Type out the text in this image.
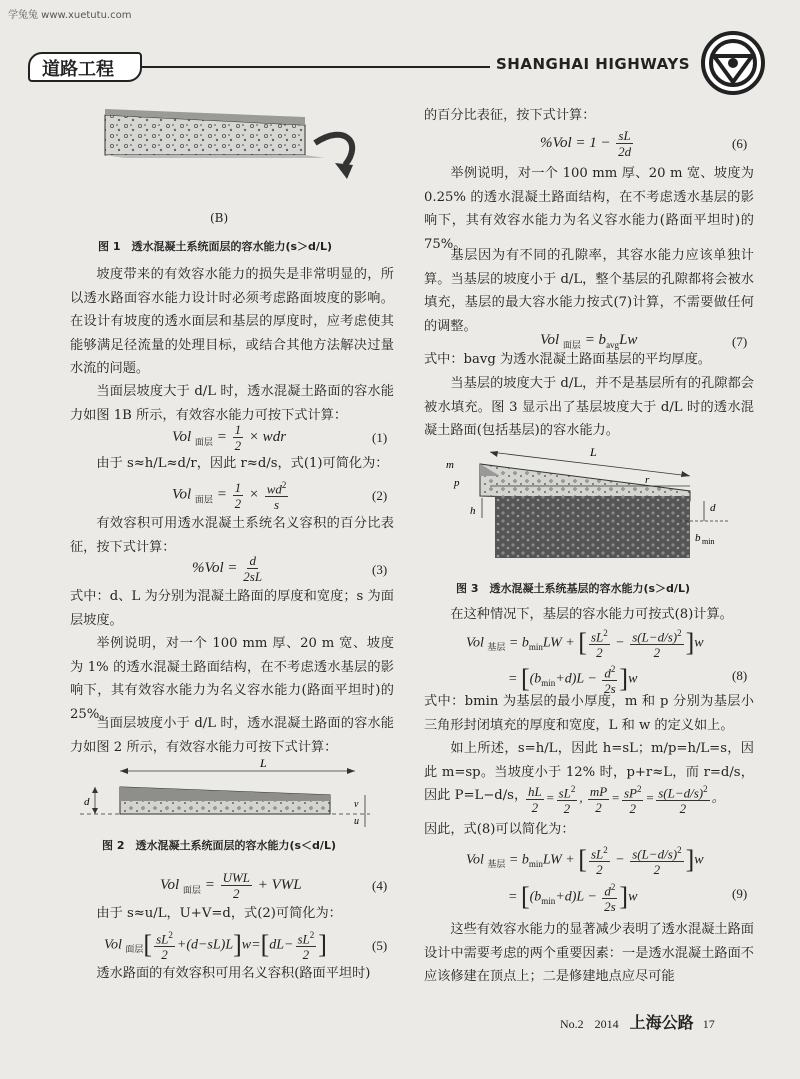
学兔兔 www.xuetutu.com
道路工程	SHANGHAI HIGHWAYS
(B)
图 1　透水混凝土系统面层的容水能力(s＞d/L)
坡度带来的有效容水能力的损失是非常明显的，所以透水路面容水能力设计时必须考虑路面坡度的影响。在设计有坡度的透水面层和基层的厚度时，应考虑使其能够满足径流量的处理目标，或结合其他方法解决过量水流的问题。
当面层坡度大于 d/L 时，透水混凝土路面的容水能力如图 1B 所示，有效容水能力可按下式计算：
Vol $_{面层} = \frac{1}{2}$ × wdr	(1)
由于 s≈h/L≈d/r，因此 r≈d/s，式(1)可简化为：
Vol $_{面层} = \frac{1}{2} \times \frac{wd^2}{s}$	(2)
有效容积可用透水混凝土系统名义容积的百分比表征，按下式计算：
$\%Vol = \frac{d}{2sL}$	(3)
式中：d、L 为分别为混凝土路面的厚度和宽度；s 为面层坡度。
举例说明，对一个 100 mm 厚、20 m 宽、坡度为 1% 的透水混凝土路面结构，在不考虑透水基层的影响下，其有效容水能力为名义容水能力(路面平坦时)的 25%。
当面层坡度小于 d/L 时，透水混凝土路面的容水能力如图 2 所示，有效容水能力可按下式计算：
L
d	v
u
图 2　透水混凝土系统面层的容水能力(s＜d/L)
Vol $_{面层} = \frac{\text{UWL}}{2}$ + VWL	(4)
由于 s≈u/L，U+V=d，式(2)可简化为：
Vol $_{面层}[ \frac{sL^2}{2} +(d-sL)L]w=[dL- \frac{sL^2}{2}$ ]	(5)
透水路面的有效容积可用名义容积(路面平坦时)
的百分比表征，按下式计算：
$\%Vol = 1 - \frac{sL}{2d}$	(6)
举例说明，对一个 100 mm 厚、20 m 宽、坡度为 0.25% 的透水混凝土路面结构，在不考虑透水基层的影响下，其有效容水能力为名义容水能力(路面平坦时)的 75%。
基层因为有不同的孔隙率，其容水能力应该单独计算。当基层的坡度小于 d/L，整个基层的孔隙都将会被水填充，基层的最大容水能力按式(7)计算，不需要做任何的调整。
Vol $_{面层} = b_{avg}Lw$	(7)
式中：bavg 为透水混凝土路面基层的平均厚度。
当基层的坡度大于 d/L，并不是基层所有的孔隙都会被水填充。图 3 显示出了基层坡度大于 d/L 时的透水混凝土路面(包括基层)的容水能力。
L
m
p	r
h	d
b min
图 3　透水混凝土系统基层的容水能力(s＞d/L)
在这种情况下，基层的容水能力可按式(8)计算。
Vol $_{基层} = b_{min}LW$ + [ $\frac{sL^2}{2} - \frac{s(L-d/s)^2}{2} ]w$
= $[(b_{min}+d)L - \frac{d^2}{2s} ]w$	(8)
式中：bmin 为基层的最小厚度，m 和 p 分别为基层小三角形封闭填充的厚度和宽度，L 和 w 的定义如上。
如上所述，s=h/L，因此 h=sL；m/p=h/L=s，因此 m=sp。当坡度小于 12% 时，p+r≈L，而 r=d/s，因此 P=L−d/s，
$\frac{hL}{2} = \frac{sL^2}{2}$ , $\frac{mP}{2} = \frac{sP^2}{2} = \frac{s(L-d/s)^2}{2}$ 。
因此，式(8)可以简化为：
Vol $_{基层} = b_{min}LW$ + [ $\frac{sL^2}{2} - \frac{s(L-d/s)^2}{2} ]w$
= $[(b_{min}+d)L - \frac{d^2}{2s} ]w$	(9)
这些有效容水能力的显著减少表明了透水混凝土路面设计中需要考虑的两个重要因素：一是透水混凝土路面不应该修建在顶点上；二是修建地点应尽可能
No.2 2014 上海公路 17
